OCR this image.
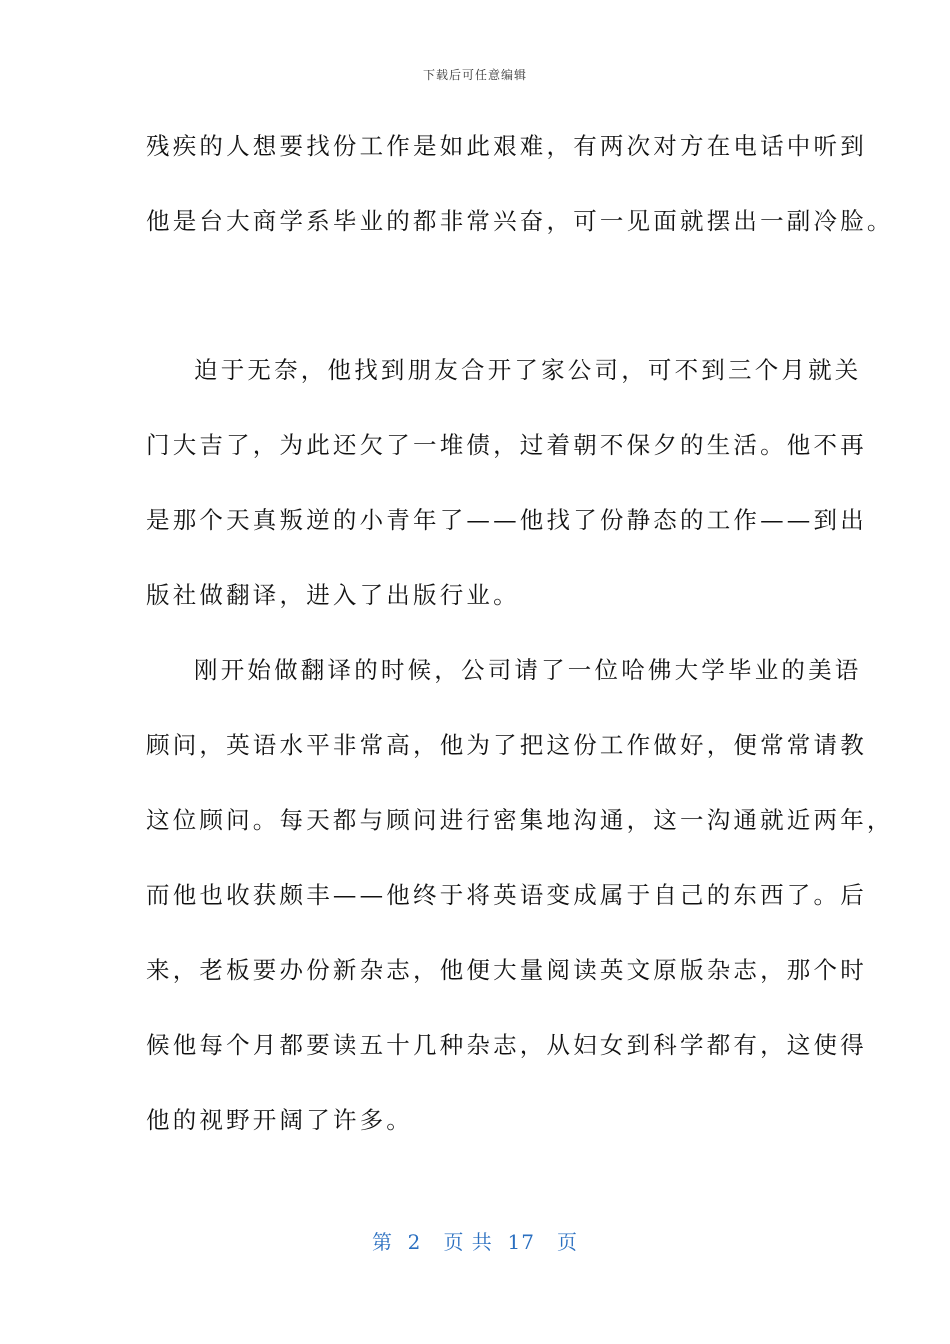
下载后可任意编辑
残疾的人想要找份工作是如此艰难，有两次对方在电话中听到
他是台大商学系毕业的都非常兴奋，可一见面就摆出一副冷脸。
迫于无奈，他找到朋友合开了家公司，可不到三个月就关
门大吉了，为此还欠了一堆债，过着朝不保夕的生活。他不再
是那个天真叛逆的小青年了——他找了份静态的工作——到出
版社做翻译，进入了出版行业。
刚开始做翻译的时候，公司请了一位哈佛大学毕业的美语
顾问，英语水平非常高，他为了把这份工作做好，便常常请教
这位顾问。每天都与顾问进行密集地沟通，这一沟通就近两年，
而他也收获颇丰——他终于将英语变成属于自己的东西了。后
来，老板要办份新杂志，他便大量阅读英文原版杂志，那个时
候他每个月都要读五十几种杂志，从妇女到科学都有，这使得
他的视野开阔了许多。
第  2   页 共  17   页
